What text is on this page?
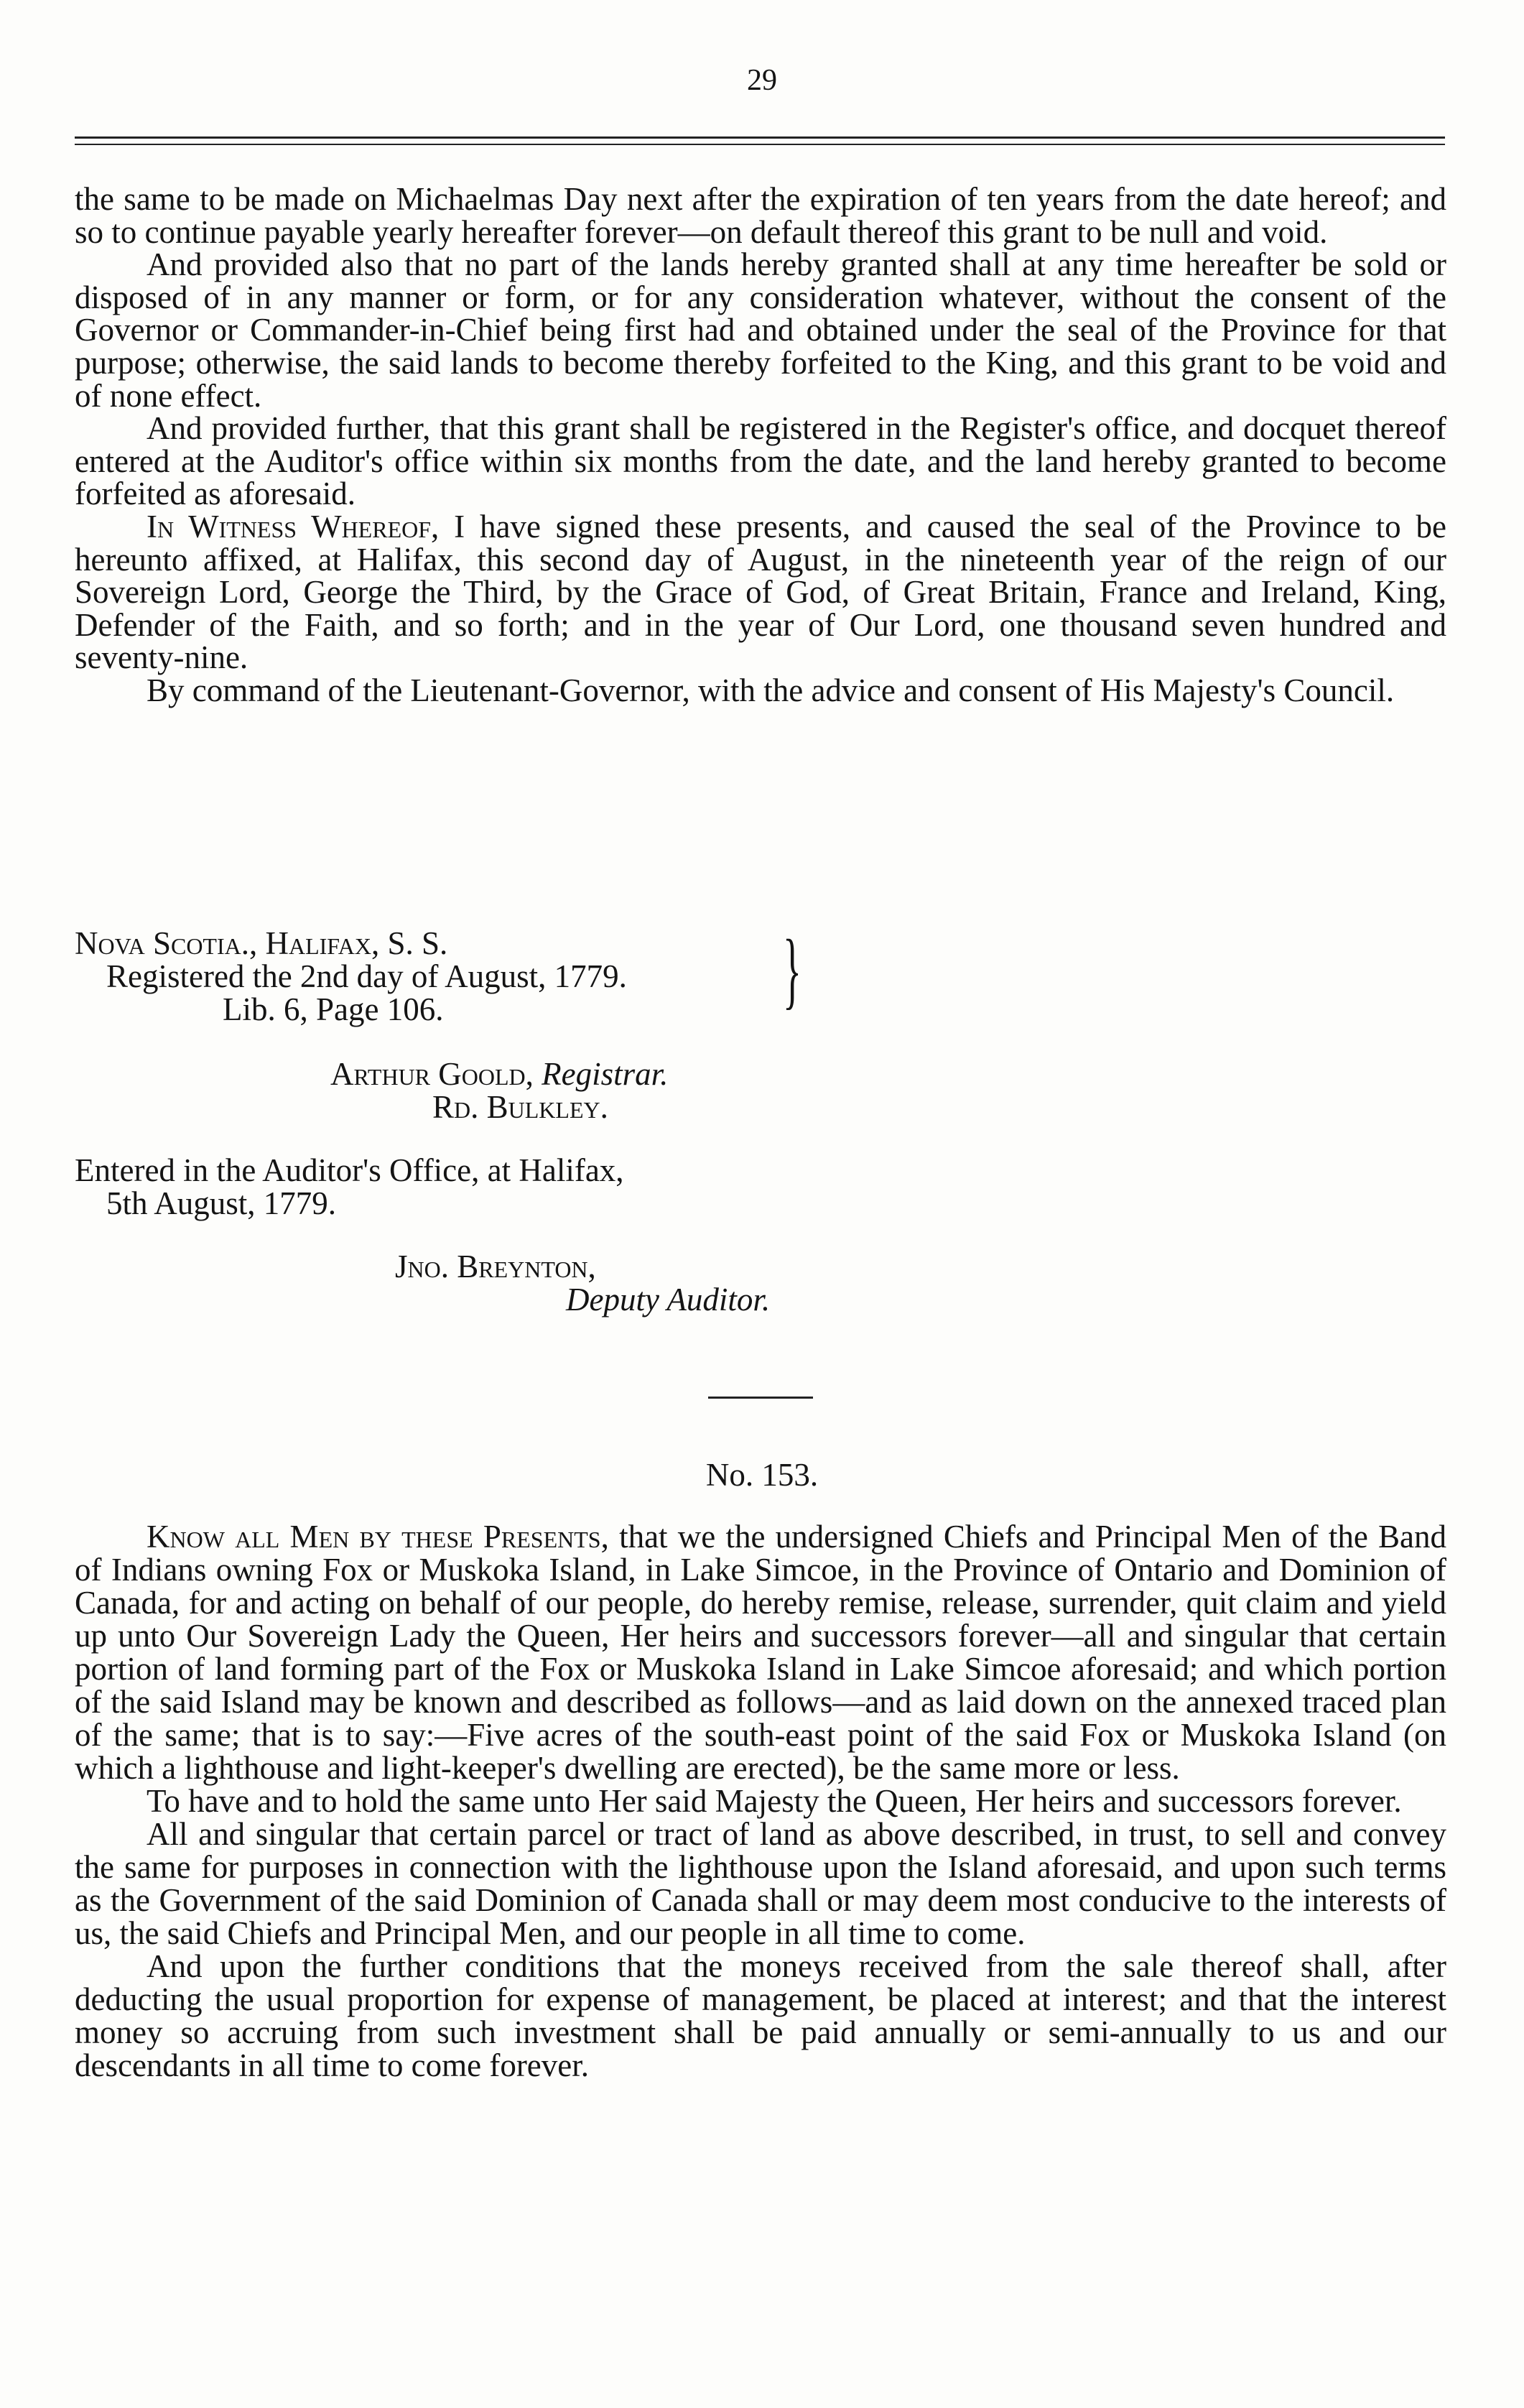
29

the same to be made on Michaelmas Day next after the expiration of ten years from the date hereof; and so to continue payable yearly hereafter forever—on default thereof this grant to be null and void.

And provided also that no part of the lands hereby granted shall at any time hereafter be sold or disposed of in any manner or form, or for any consideration whatever, without the consent of the Governor or Commander-in-Chief being first had and obtained under the seal of the Province for that purpose; otherwise, the said lands to become thereby forfeited to the King, and this grant to be void and of none effect.

And provided further, that this grant shall be registered in the Register's office, and docquet thereof entered at the Auditor's office within six months from the date, and the land hereby granted to become forfeited as aforesaid.

In Witness Whereof, I have signed these presents, and caused the seal of the Province to be hereunto affixed, at Halifax, this second day of August, in the nineteenth year of the reign of our Sovereign Lord, George the Third, by the Grace of God, of Great Britain, France and Ireland, King, Defender of the Faith, and so forth; and in the year of Our Lord, one thousand seven hundred and seventy-nine.

By command of the Lieutenant-Governor, with the advice and consent of His Majesty's Council.

Nova Scotia., Halifax, S. S.
Registered the 2nd day of August, 1779.
Lib. 6, Page 106.	}
Arthur Goold, Registrar.
Rd. Bulkley.
Entered in the Auditor's Office, at Halifax,
5th August, 1779.
Jno. Breynton,
Deputy Auditor.
No. 153.

Know all Men by these Presents, that we the undersigned Chiefs and Principal Men of the Band of Indians owning Fox or Muskoka Island, in Lake Simcoe, in the Province of Ontario and Dominion of Canada, for and acting on behalf of our people, do hereby remise, release, surrender, quit claim and yield up unto Our Sovereign Lady the Queen, Her heirs and successors forever—all and singular that certain portion of land forming part of the Fox or Muskoka Island in Lake Simcoe aforesaid; and which portion of the said Island may be known and described as follows—and as laid down on the annexed traced plan of the same; that is to say:—Five acres of the south-east point of the said Fox or Muskoka Island (on which a lighthouse and light-keeper's dwelling are erected), be the same more or less.

To have and to hold the same unto Her said Majesty the Queen, Her heirs and successors forever.

All and singular that certain parcel or tract of land as above described, in trust, to sell and convey the same for purposes in connection with the lighthouse upon the Island aforesaid, and upon such terms as the Government of the said Dominion of Canada shall or may deem most conducive to the interests of us, the said Chiefs and Principal Men, and our people in all time to come.

And upon the further conditions that the moneys received from the sale thereof shall, after deducting the usual proportion for expense of management, be placed at interest; and that the interest money so accruing from such investment shall be paid annually or semi-annually to us and our descendants in all time to come forever.
